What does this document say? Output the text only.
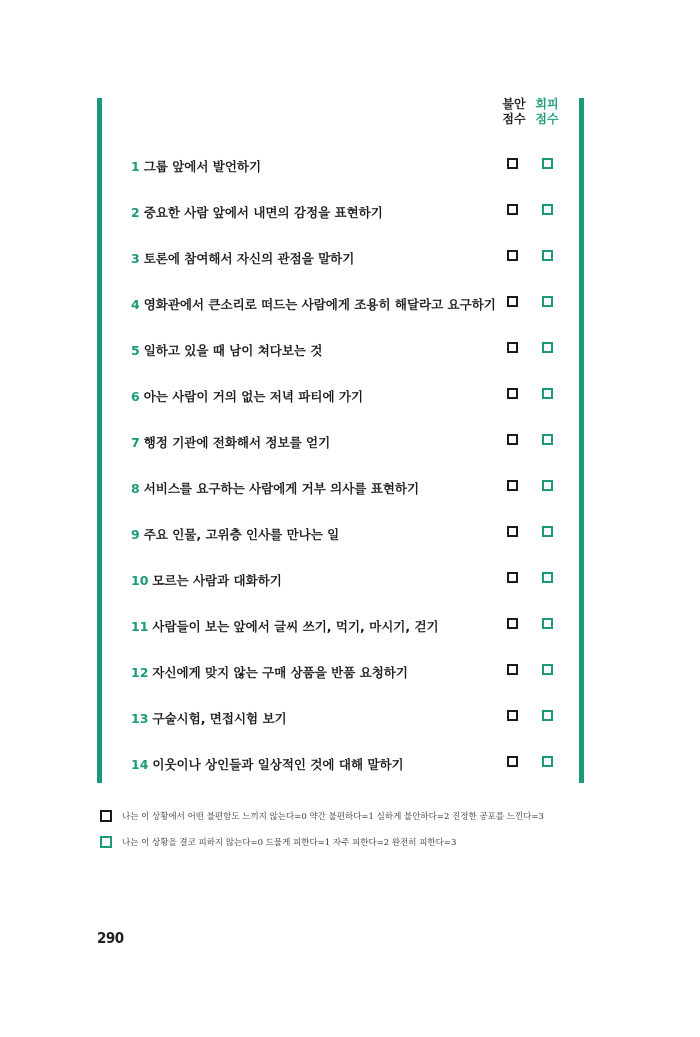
불안
점수
회피
점수
1 그룹 앞에서 발언하기
2 중요한 사람 앞에서 내면의 감정을 표현하기
3 토론에 참여해서 자신의 관점을 말하기
4 영화관에서 큰소리로 떠드는 사람에게 조용히 해달라고 요구하기
5 일하고 있을 때 남이 쳐다보는 것
6 아는 사람이 거의 없는 저녁 파티에 가기
7 행정 기관에 전화해서 정보를 얻기
8 서비스를 요구하는 사람에게 거부 의사를 표현하기
9 주요 인물, 고위층 인사를 만나는 일
10 모르는 사람과 대화하기
11 사람들이 보는 앞에서 글씨 쓰기, 먹기, 마시기, 걷기
12 자신에게 맞지 않는 구매 상품을 반품 요청하기
13 구술시험, 면접시험 보기
14 이웃이나 상인들과 일상적인 것에 대해 말하기
나는 이 상황에서 어떤 불편함도 느끼지 않는다=0 약간 불편하다=1 심하게 불안하다=2 진정한 공포를 느낀다=3
나는 이 상황을 결코 피하지 않는다=0 드물게 피한다=1 자주 피한다=2 완전히 피한다=3
290
